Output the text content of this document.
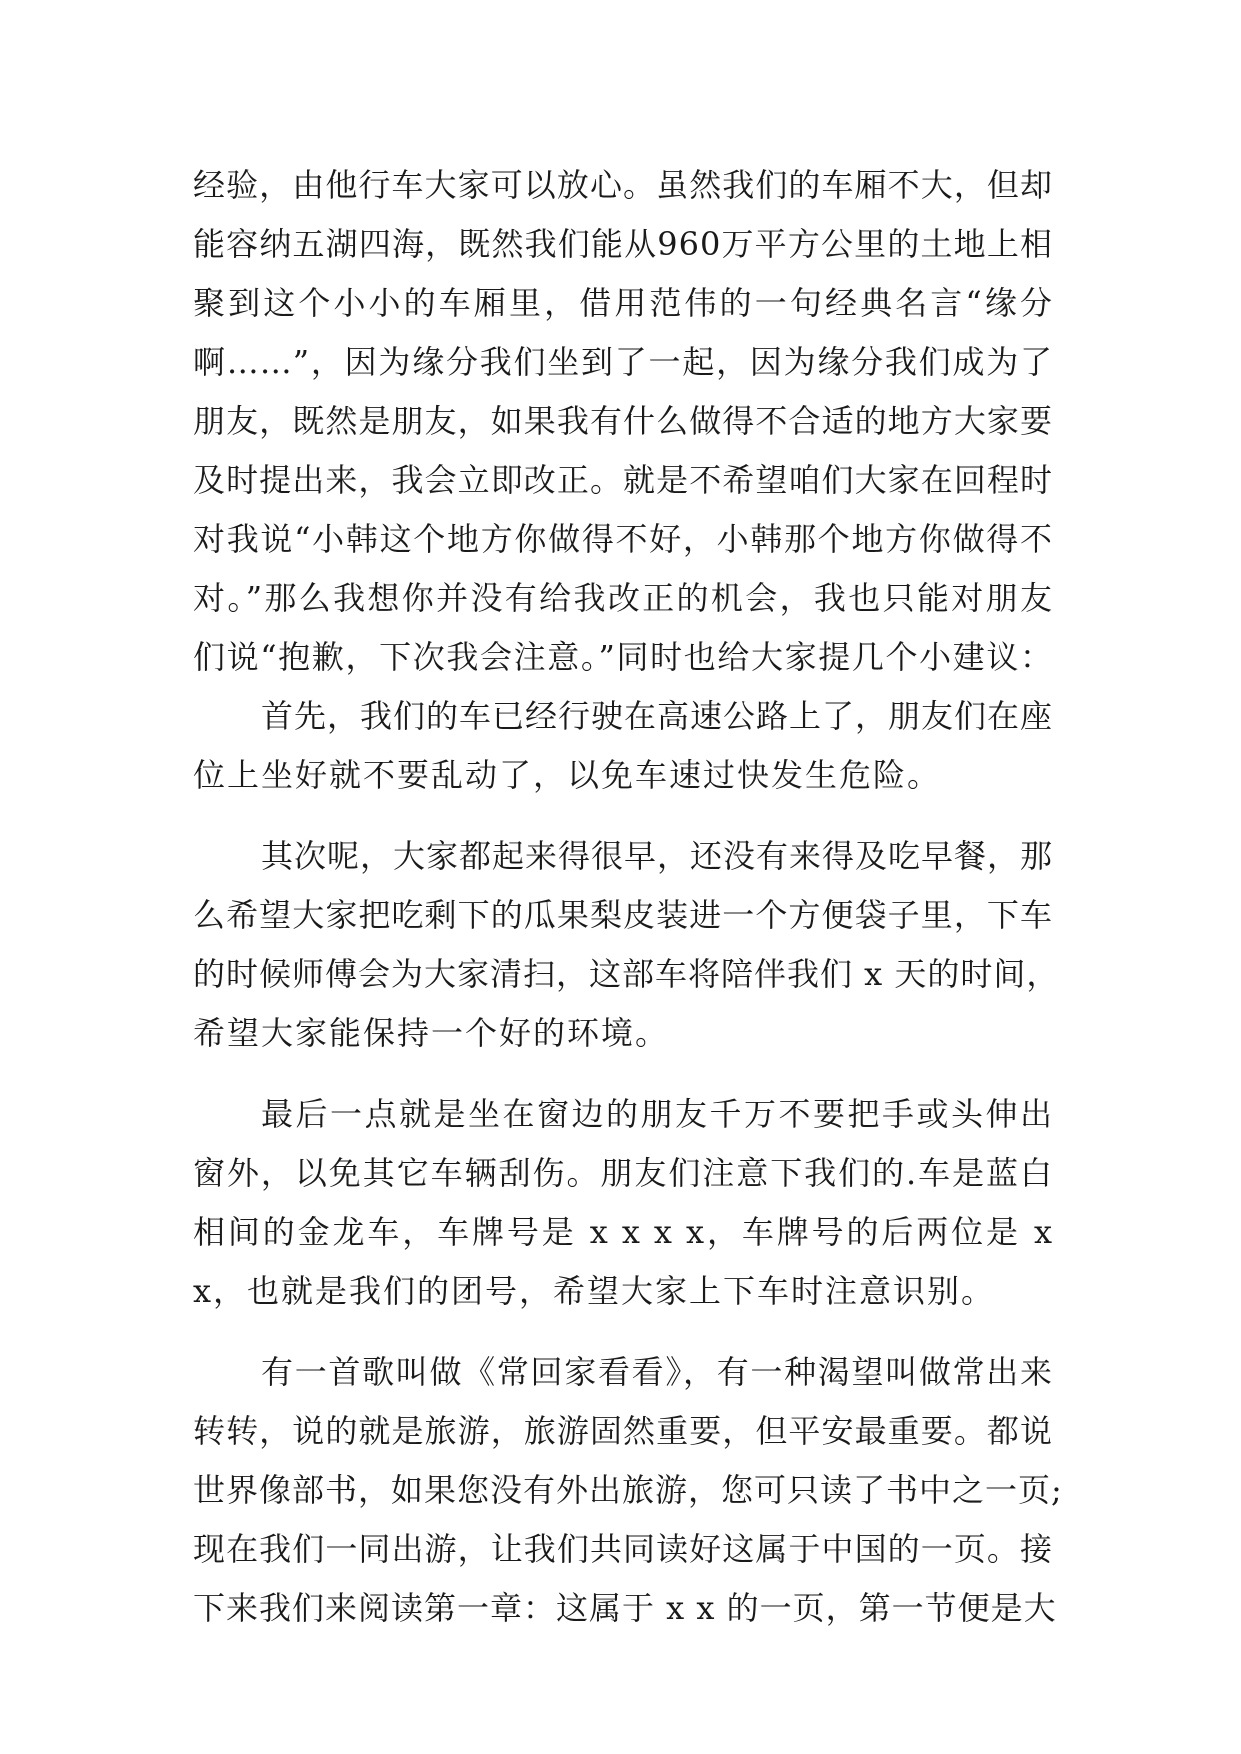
经验，由他行车大家可以放心。虽然我们的车厢不大，但却
能容纳五湖四海，既然我们能从960万平方公里的土地上相
聚到这个小小的车厢里，借用范伟的一句经典名言“缘分
啊……”，因为缘分我们坐到了一起，因为缘分我们成为了
朋友，既然是朋友，如果我有什么做得不合适的地方大家要
及时提出来，我会立即改正。就是不希望咱们大家在回程时
对我说“小韩这个地方你做得不好，小韩那个地方你做得不
对。”那么我想你并没有给我改正的机会，我也只能对朋友
们说“抱歉，下次我会注意。”同时也给大家提几个小建议：
首先，我们的车已经行驶在高速公路上了，朋友们在座
位上坐好就不要乱动了，以免车速过快发生危险。
其次呢，大家都起来得很早，还没有来得及吃早餐，那
么希望大家把吃剩下的瓜果梨皮装进一个方便袋子里，下车
的时候师傅会为大家清扫，这部车将陪伴我们 x 天的时间，
希望大家能保持一个好的环境。
最后一点就是坐在窗边的朋友千万不要把手或头伸出
窗外，以免其它车辆刮伤。朋友们注意下我们的.车是蓝白
相间的金龙车，车牌号是 x x x x，车牌号的后两位是 x
x，也就是我们的团号，希望大家上下车时注意识别。
有一首歌叫做《常回家看看》，有一种渴望叫做常出来
转转，说的就是旅游，旅游固然重要，但平安最重要。都说
世界像部书，如果您没有外出旅游，您可只读了书中之一页;
现在我们一同出游，让我们共同读好这属于中国的一页。接
下来我们来阅读第一章：这属于 x x 的一页，第一节便是大
